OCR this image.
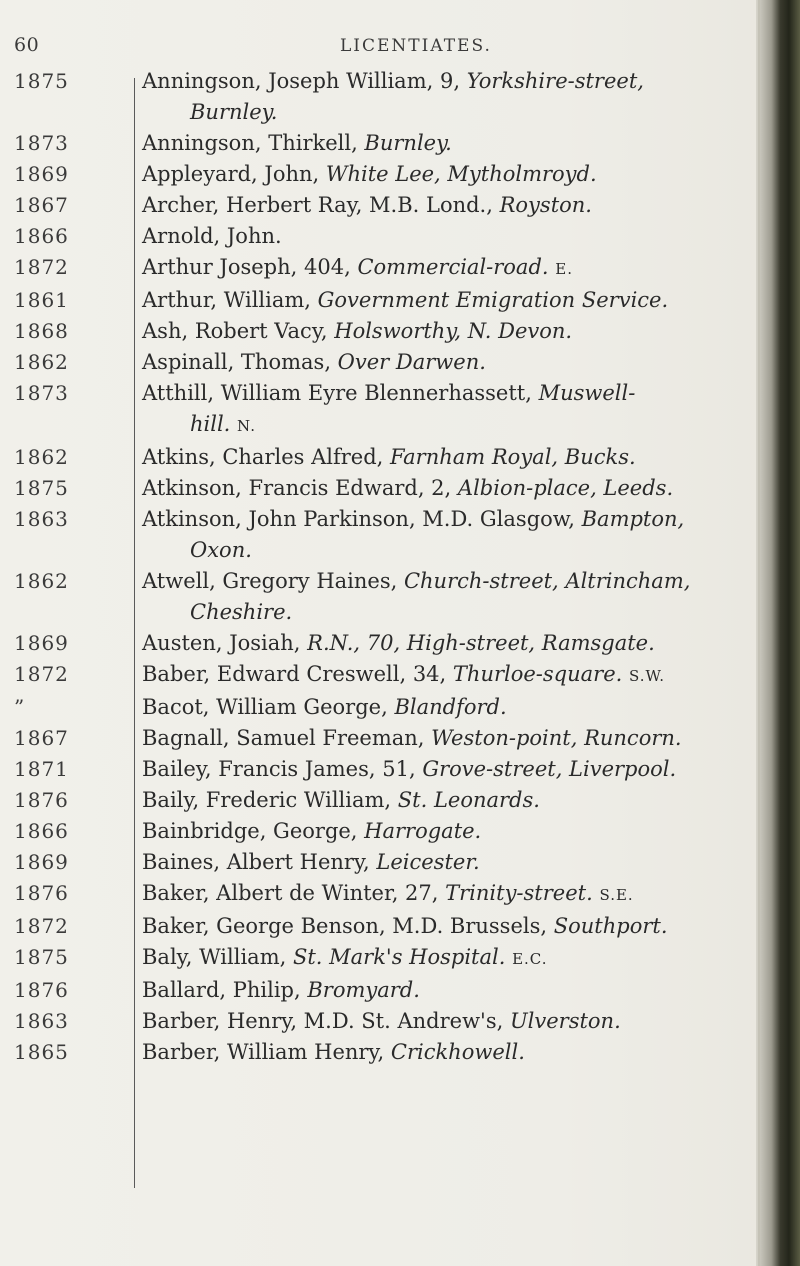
60	LICENTIATES.
1875	Anningson, Joseph William, 9, Yorkshire-street,
Burnley.
1873	Anningson, Thirkell, Burnley.
1869	Appleyard, John, White Lee, Mytholmroyd.
1867	Archer, Herbert Ray, M.B. Lond., Royston.
1866	Arnold, John.
1872	Arthur Joseph, 404, Commercial-road. E.
1861	Arthur, William, Government Emigration Service.
1868	Ash, Robert Vacy, Holsworthy, N. Devon.
1862	Aspinall, Thomas, Over Darwen.
1873	Atthill, William Eyre Blennerhassett, Muswell-
hill. N.
1862	Atkins, Charles Alfred, Farnham Royal, Bucks.
1875	Atkinson, Francis Edward, 2, Albion-place, Leeds.
1863	Atkinson, John Parkinson, M.D. Glasgow, Bampton,
Oxon.
1862	Atwell, Gregory Haines, Church-street, Altrincham,
Cheshire.
1869	Austen, Josiah, R.N., 70, High-street, Ramsgate.
1872	Baber, Edward Creswell, 34, Thurloe-square. S.W.
”	Bacot, William George, Blandford.
1867	Bagnall, Samuel Freeman, Weston-point, Runcorn.
1871	Bailey, Francis James, 51, Grove-street, Liverpool.
1876	Baily, Frederic William, St. Leonards.
1866	Bainbridge, George, Harrogate.
1869	Baines, Albert Henry, Leicester.
1876	Baker, Albert de Winter, 27, Trinity-street. S.E.
1872	Baker, George Benson, M.D. Brussels, Southport.
1875	Baly, William, St. Mark's Hospital. E.C.
1876	Ballard, Philip, Bromyard.
1863	Barber, Henry, M.D. St. Andrew's, Ulverston.
1865	Barber, William Henry, Crickhowell.
